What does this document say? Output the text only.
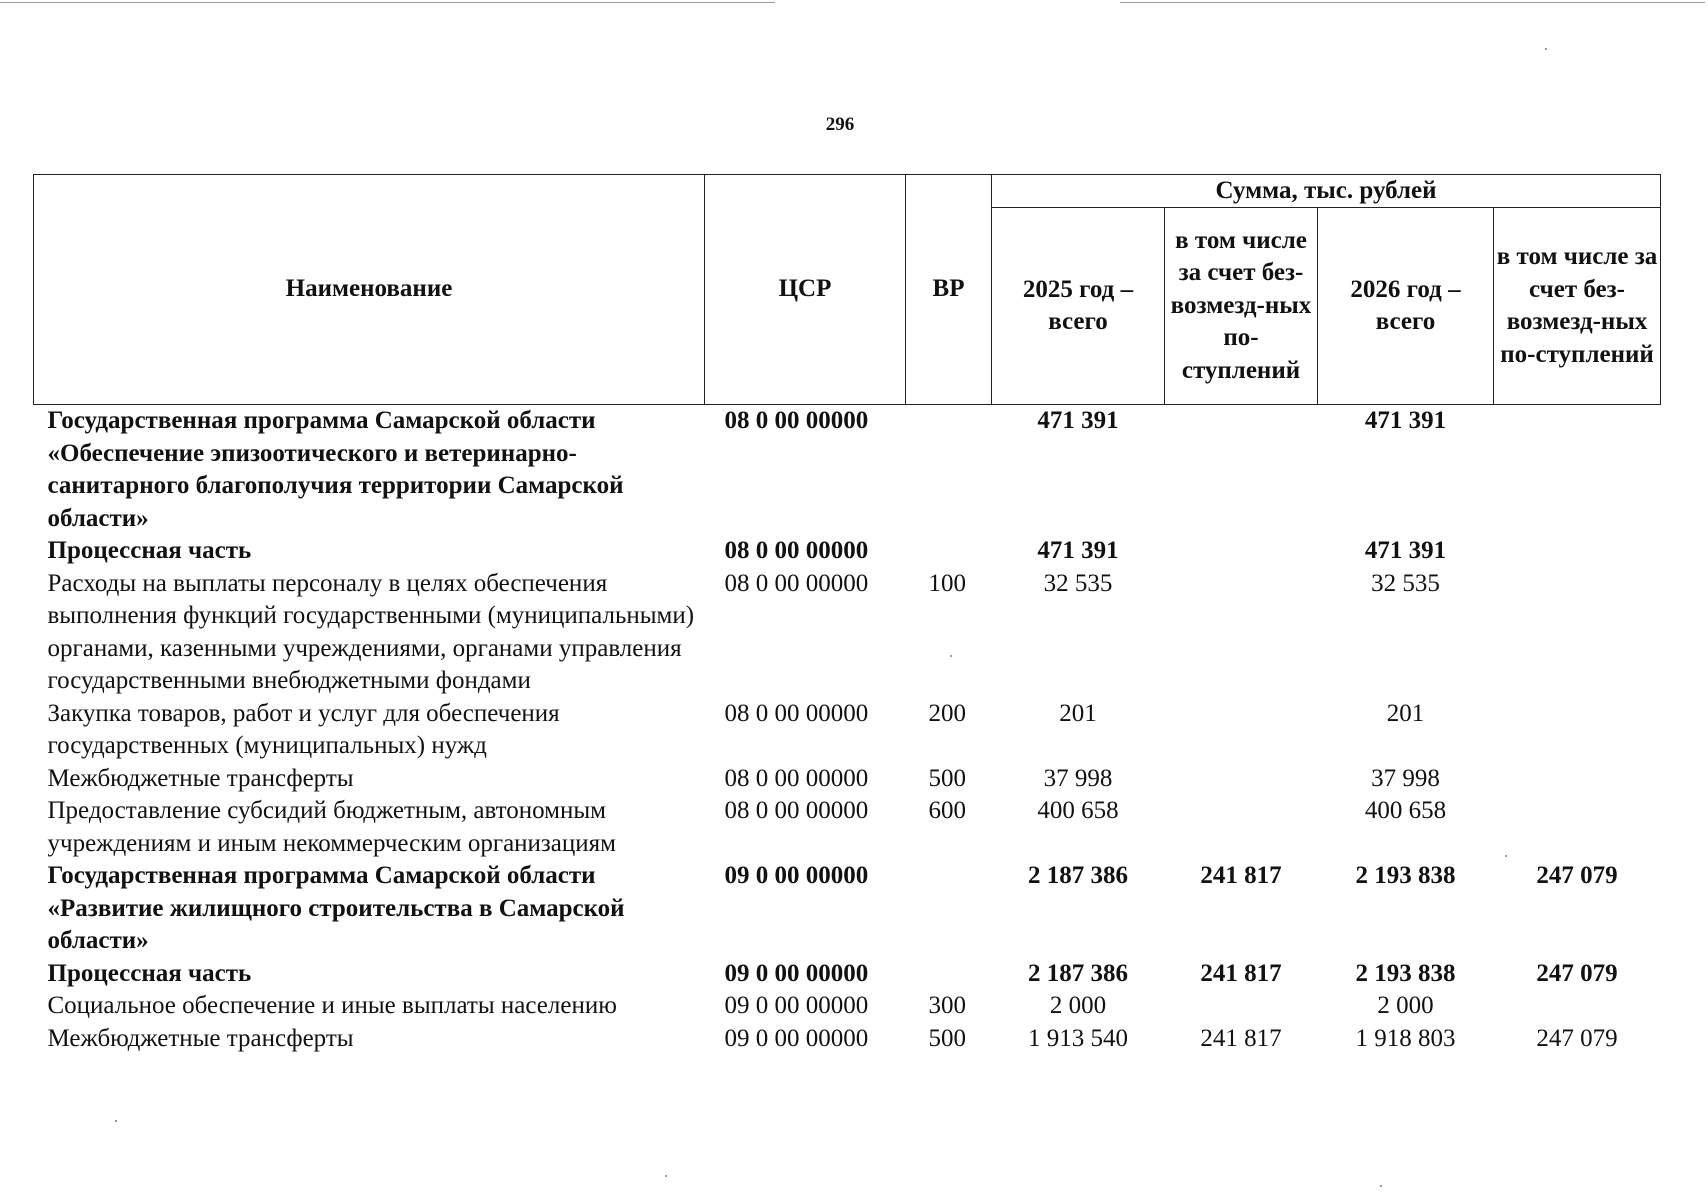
296
Наименование	ЦСР	ВР	Сумма, тыс. рублей			
			2025 год – всего	в том числе за счет без-возмезд-ных по-ступлений	2026 год – всего	в том числе за счет без-возмезд-ных по-ступлений
Государственная программа Самарской области «Обеспечение эпизоотического и ветеринарно-санитарного благополучия территории Самарской области»	08 0 00 00000		471 391		471 391	
Процессная часть	08 0 00 00000		471 391		471 391	
Расходы на выплаты персоналу в целях обеспечения выполнения функций государственными (муниципальными) органами, казенными учреждениями, органами управления государственными внебюджетными фондами	08 0 00 00000	100	32 535		32 535	
Закупка товаров, работ и услуг для обеспечения государственных (муниципальных) нужд	08 0 00 00000	200	201		201	
Межбюджетные трансферты	08 0 00 00000	500	37 998		37 998	
Предоставление субсидий бюджетным, автономным учреждениям и иным некоммерческим организациям	08 0 00 00000	600	400 658		400 658	
Государственная программа Самарской области «Развитие жилищного строительства в Самарской области»	09 0 00 00000		2 187 386	241 817	2 193 838	247 079
Процессная часть	09 0 00 00000		2 187 386	241 817	2 193 838	247 079
Социальное обеспечение и иные выплаты населению	09 0 00 00000	300	2 000		2 000	
Межбюджетные трансферты	09 0 00 00000	500	1 913 540	241 817	1 918 803	247 079
